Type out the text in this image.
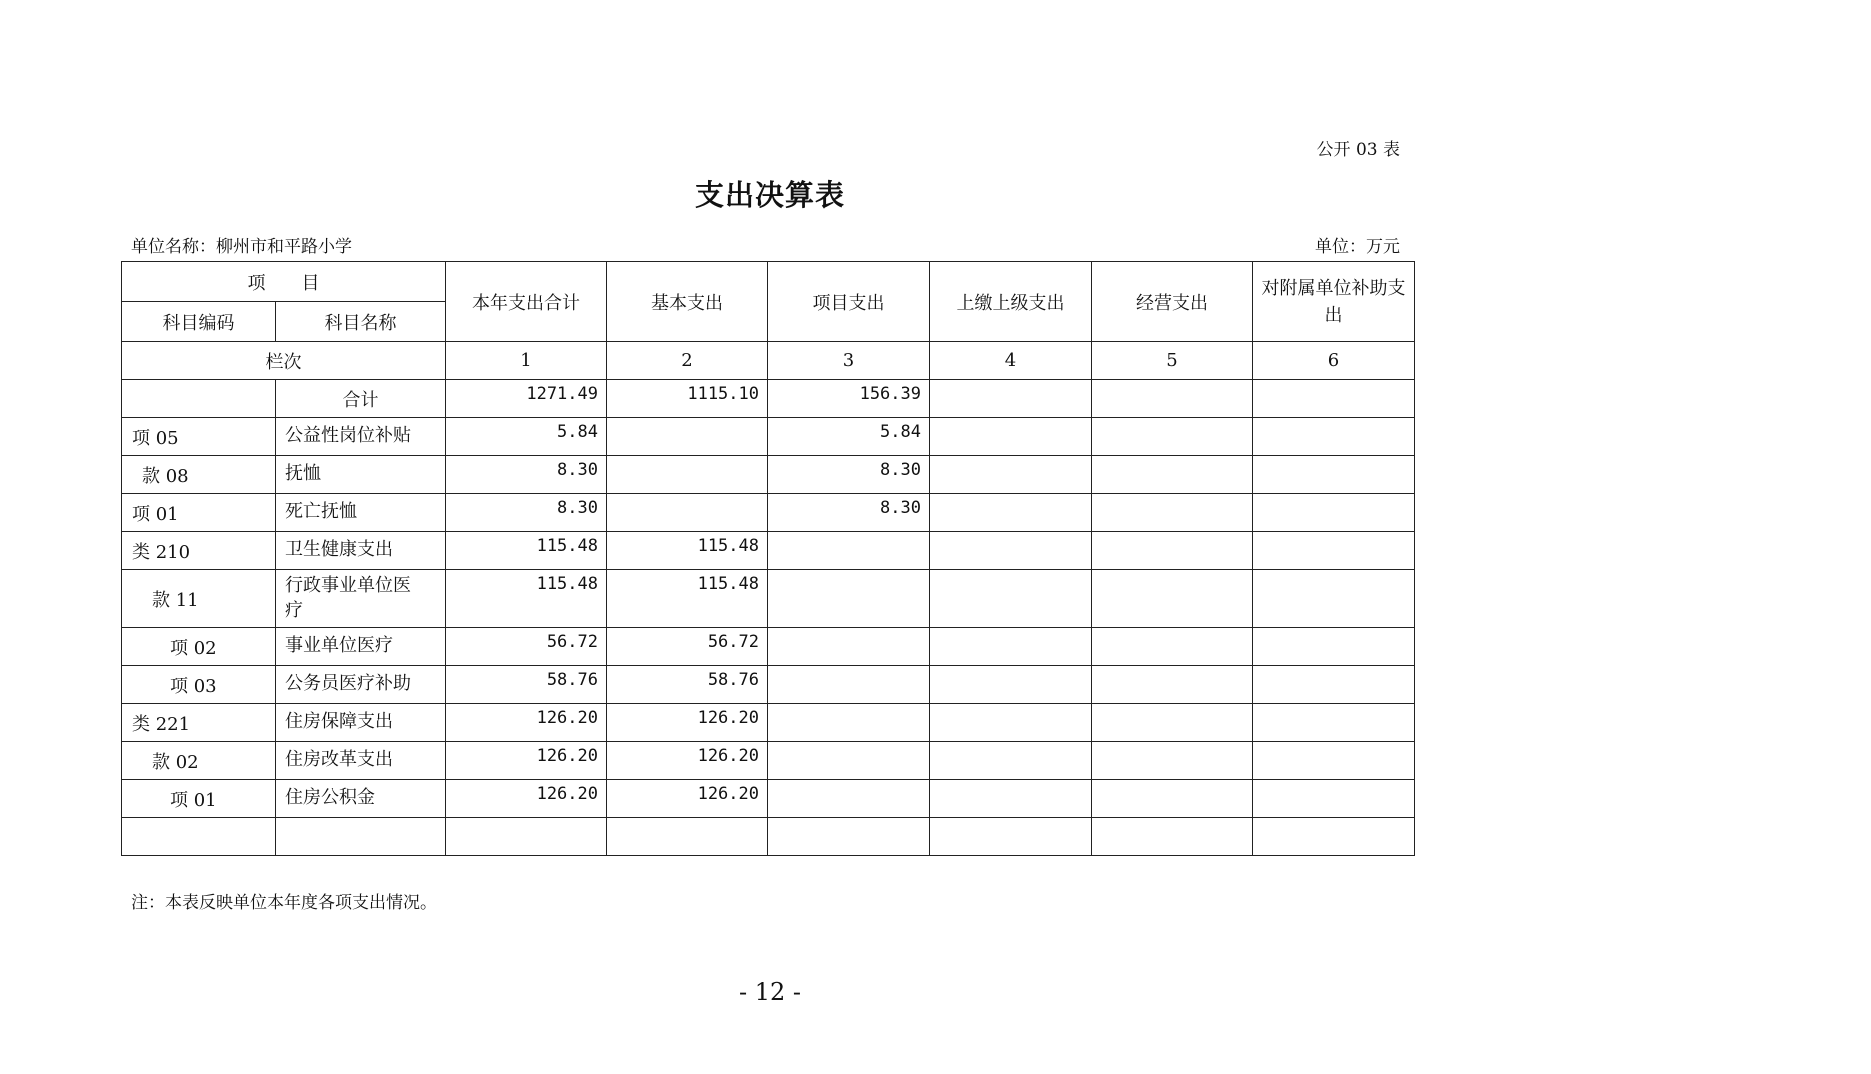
公开 03 表
支出决算表
单位名称：柳州市和平路小学	单位：万元
项　　目		本年支出合计	基本支出	项目支出	上缴上级支出	经营支出	对附属单位补助支出
科目编码	科目名称						
栏次		1	2	3	4	5	6
	合计	1271.49	1115.10	156.39			
项 05	公益性岗位补贴	5.84		5.84			
款 08	抚恤	8.30		8.30			
项 01	死亡抚恤	8.30		8.30			
类 210	卫生健康支出	115.48	115.48				
款 11	行政事业单位医疗	115.48	115.48				
项 02	事业单位医疗	56.72	56.72				
项 03	公务员医疗补助	58.76	58.76				
类 221	住房保障支出	126.20	126.20				
款 02	住房改革支出	126.20	126.20				
项 01	住房公积金	126.20	126.20				

注：本表反映单位本年度各项支出情况。
- 12 -
